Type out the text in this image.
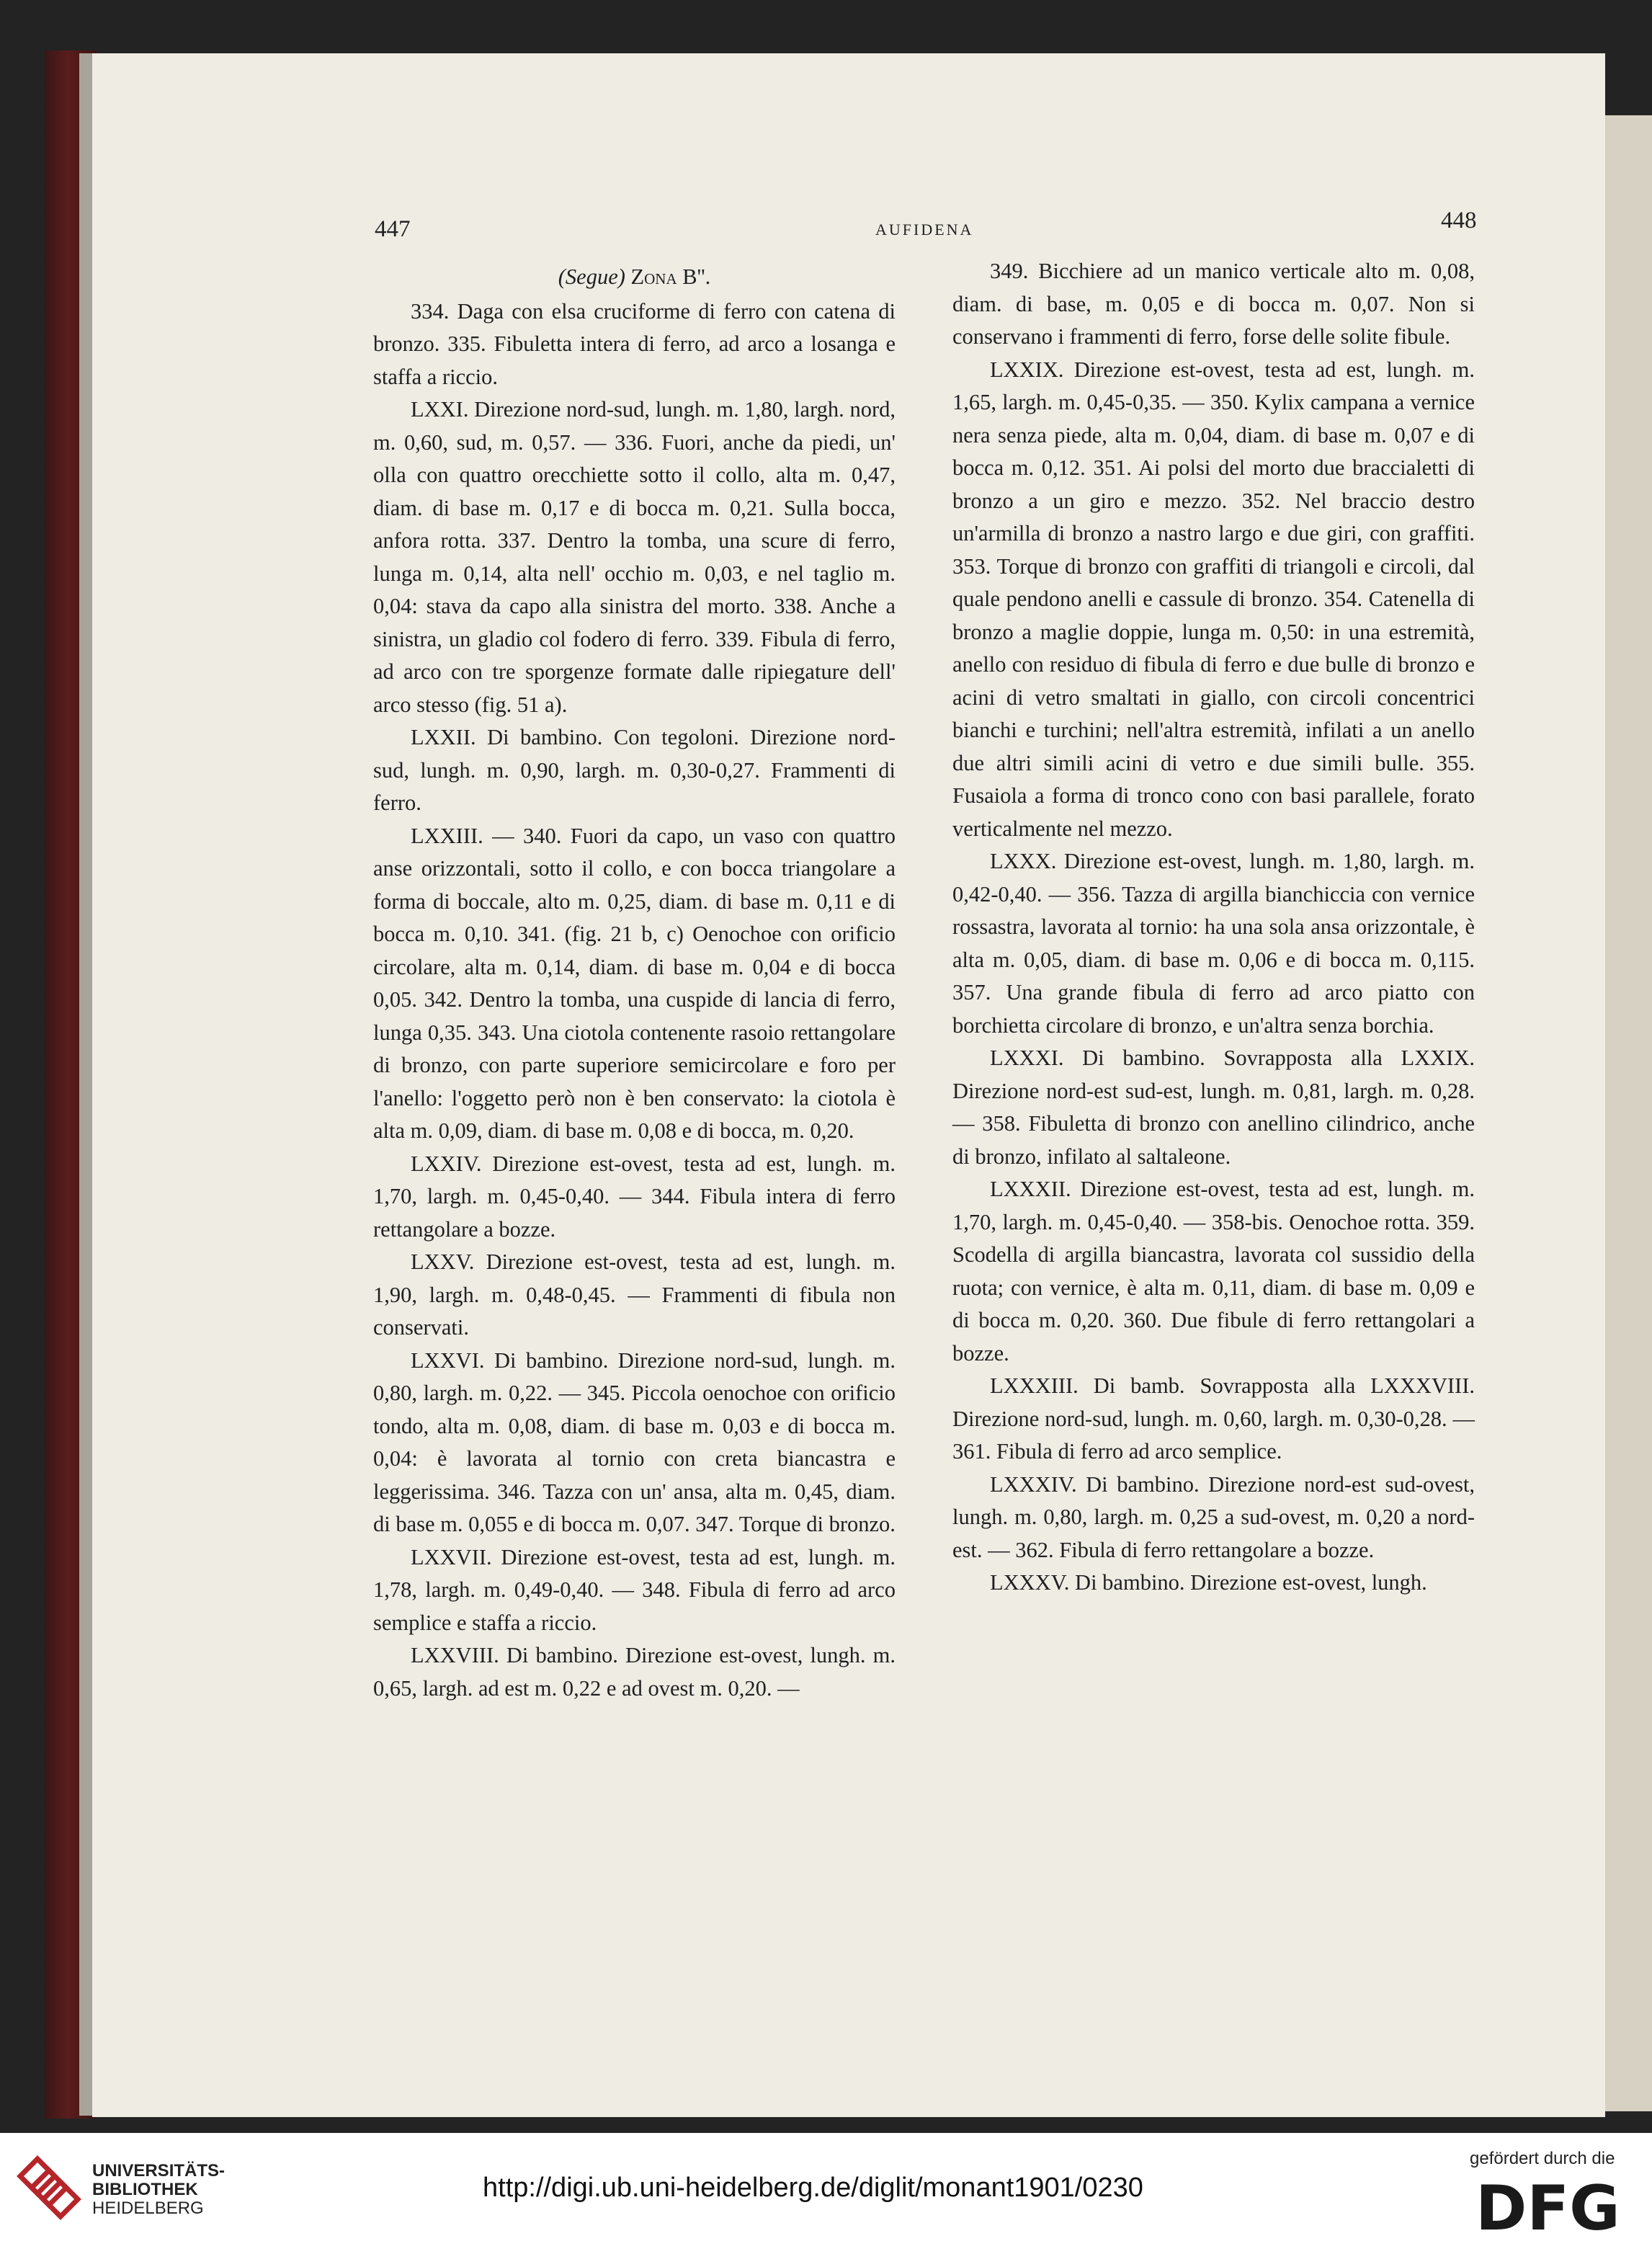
447	AUFIDENA	448

(Segue) Zona B''.

334. Daga con elsa cruciforme di ferro con catena di bronzo. 335. Fibuletta intera di ferro, ad arco a losanga e staffa a riccio.

LXXI. Direzione nord-sud, lungh. m. 1,80, largh. nord, m. 0,60, sud, m. 0,57. — 336. Fuori, anche da piedi, un' olla con quattro orecchiette sotto il collo, alta m. 0,47, diam. di base m. 0,17 e di bocca m. 0,21. Sulla bocca, anfora rotta. 337. Dentro la tomba, una scure di ferro, lunga m. 0,14, alta nell' occhio m. 0,03, e nel taglio m. 0,04: stava da capo alla sinistra del morto. 338. Anche a sinistra, un gladio col fodero di ferro. 339. Fibula di ferro, ad arco con tre sporgenze formate dalle ripiegature dell' arco stesso (fig. 51 a).

LXXII. Di bambino. Con tegoloni. Direzione nord-sud, lungh. m. 0,90, largh. m. 0,30-0,27. Frammenti di ferro.

LXXIII. — 340. Fuori da capo, un vaso con quattro anse orizzontali, sotto il collo, e con bocca triangolare a forma di boccale, alto m. 0,25, diam. di base m. 0,11 e di bocca m. 0,10. 341. (fig. 21 b, c) Oenochoe con orificio circolare, alta m. 0,14, diam. di base m. 0,04 e di bocca 0,05. 342. Dentro la tomba, una cuspide di lancia di ferro, lunga 0,35. 343. Una ciotola contenente rasoio rettangolare di bronzo, con parte superiore semicircolare e foro per l'anello: l'oggetto però non è ben conservato: la ciotola è alta m. 0,09, diam. di base m. 0,08 e di bocca, m. 0,20.

LXXIV. Direzione est-ovest, testa ad est, lungh. m. 1,70, largh. m. 0,45-0,40. — 344. Fibula intera di ferro rettangolare a bozze.

LXXV. Direzione est-ovest, testa ad est, lungh. m. 1,90, largh. m. 0,48-0,45. — Frammenti di fibula non conservati.

LXXVI. Di bambino. Direzione nord-sud, lungh. m. 0,80, largh. m. 0,22. — 345. Piccola oenochoe con orificio tondo, alta m. 0,08, diam. di base m. 0,03 e di bocca m. 0,04: è lavorata al tornio con creta biancastra e leggerissima. 346. Tazza con un' ansa, alta m. 0,45, diam. di base m. 0,055 e di bocca m. 0,07. 347. Torque di bronzo.

LXXVII. Direzione est-ovest, testa ad est, lungh. m. 1,78, largh. m. 0,49-0,40. — 348. Fibula di ferro ad arco semplice e staffa a riccio.

LXXVIII. Di bambino. Direzione est-ovest, lungh. m. 0,65, largh. ad est m. 0,22 e ad ovest m. 0,20. —

349. Bicchiere ad un manico verticale alto m. 0,08, diam. di base, m. 0,05 e di bocca m. 0,07. Non si conservano i frammenti di ferro, forse delle solite fibule.

LXXIX. Direzione est-ovest, testa ad est, lungh. m. 1,65, largh. m. 0,45-0,35. — 350. Kylix campana a vernice nera senza piede, alta m. 0,04, diam. di base m. 0,07 e di bocca m. 0,12. 351. Ai polsi del morto due braccialetti di bronzo a un giro e mezzo. 352. Nel braccio destro un'armilla di bronzo a nastro largo e due giri, con graffiti. 353. Torque di bronzo con graffiti di triangoli e circoli, dal quale pendono anelli e cassule di bronzo. 354. Catenella di bronzo a maglie doppie, lunga m. 0,50: in una estremità, anello con residuo di fibula di ferro e due bulle di bronzo e acini di vetro smaltati in giallo, con circoli concentrici bianchi e turchini; nell'altra estremità, infilati a un anello due altri simili acini di vetro e due simili bulle. 355. Fusaiola a forma di tronco cono con basi parallele, forato verticalmente nel mezzo.

LXXX. Direzione est-ovest, lungh. m. 1,80, largh. m. 0,42-0,40. — 356. Tazza di argilla bianchiccia con vernice rossastra, lavorata al tornio: ha una sola ansa orizzontale, è alta m. 0,05, diam. di base m. 0,06 e di bocca m. 0,115. 357. Una grande fibula di ferro ad arco piatto con borchietta circolare di bronzo, e un'altra senza borchia.

LXXXI. Di bambino. Sovrapposta alla LXXIX. Direzione nord-est sud-est, lungh. m. 0,81, largh. m. 0,28. — 358. Fibuletta di bronzo con anellino cilindrico, anche di bronzo, infilato al saltaleone.

LXXXII. Direzione est-ovest, testa ad est, lungh. m. 1,70, largh. m. 0,45-0,40. — 358-bis. Oenochoe rotta. 359. Scodella di argilla biancastra, lavorata col sussidio della ruota; con vernice, è alta m. 0,11, diam. di base m. 0,09 e di bocca m. 0,20. 360. Due fibule di ferro rettangolari a bozze.

LXXXIII. Di bamb. Sovrapposta alla LXXXVIII. Direzione nord-sud, lungh. m. 0,60, largh. m. 0,30-0,28. — 361. Fibula di ferro ad arco semplice.

LXXXIV. Di bambino. Direzione nord-est sud-ovest, lungh. m. 0,80, largh. m. 0,25 a sud-ovest, m. 0,20 a nord-est. — 362. Fibula di ferro rettangolare a bozze.

LXXXV. Di bambino. Direzione est-ovest, lungh.

UNIVERSITÄTS-
BIBLIOTHEK
HEIDELBERG
http://digi.ub.uni-heidelberg.de/diglit/monant1901/0230
gefördert durch die
DFG
